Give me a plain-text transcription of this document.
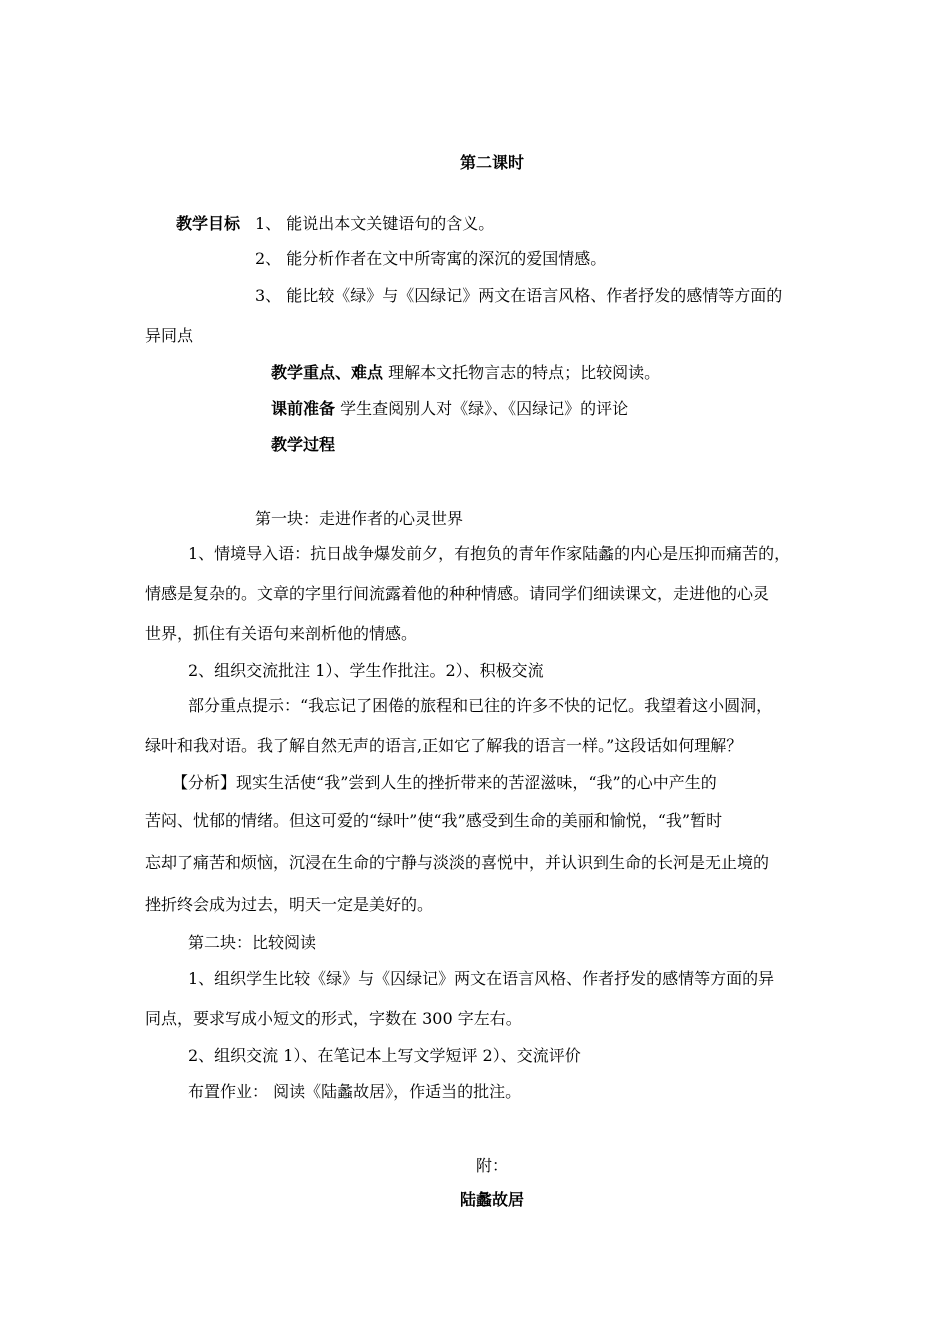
第二课时
教学目标 1、 能说出本文关键语句的含义。
2、 能分析作者在文中所寄寓的深沉的爱国情感。
3、 能比较《绿》与《囚绿记》两文在语言风格、作者抒发的感情等方面的
异同点
教学重点、难点 理解本文托物言志的特点；比较阅读。
课前准备 学生查阅别人对《绿》、《囚绿记》的评论
教学过程
第一块：走进作者的心灵世界
1、情境导入语：抗日战争爆发前夕，有抱负的青年作家陆蠡的内心是压抑而痛苦的，
情感是复杂的。文章的字里行间流露着他的种种情感。请同学们细读课文，走进他的心灵
世界，抓住有关语句来剖析他的情感。
2、组织交流批注 1）、学生作批注。2）、积极交流
部分重点提示：“我忘记了困倦的旅程和已往的许多不快的记忆。我望着这小圆洞，
绿叶和我对语。我了解自然无声的语言,正如它了解我的语言一样。”这段话如何理解？
【分析】现实生活使“我”尝到人生的挫折带来的苦涩滋味，“我”的心中产生的
苦闷、忧郁的情绪。但这可爱的“绿叶”使“我”感受到生命的美丽和愉悦，“我”暂时
忘却了痛苦和烦恼，沉浸在生命的宁静与淡淡的喜悦中，并认识到生命的长河是无止境的
挫折终会成为过去，明天一定是美好的。
第二块：比较阅读
1、组织学生比较《绿》与《囚绿记》两文在语言风格、作者抒发的感情等方面的异
同点，要求写成小短文的形式，字数在 300 字左右。
2、组织交流 1）、在笔记本上写文学短评 2）、交流评价
布置作业： 阅读《陆蠡故居》，作适当的批注。
附：
陆蠡故居
